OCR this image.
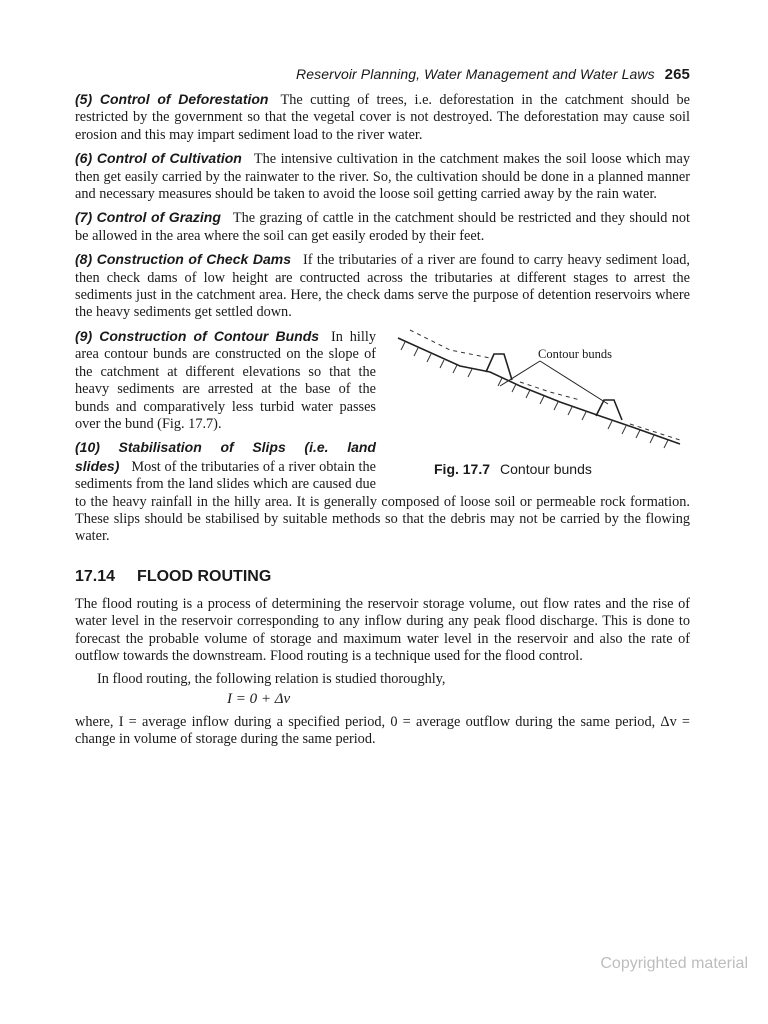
Reservoir Planning, Water Management and Water Laws 265

(5) Control of Deforestation The cutting of trees, i.e. deforestation in the catchment should be restricted by the government so that the vegetal cover is not destroyed. The deforestation may cause soil erosion and this may impart sediment load to the river water.

(6) Control of Cultivation The intensive cultivation in the catchment makes the soil loose which may then get easily carried by the rainwater to the river. So, the cultivation should be done in a planned manner and necessary measures should be taken to avoid the loose soil getting carried away by the rain water.

(7) Control of Grazing The grazing of cattle in the catchment should be restricted and they should not be allowed in the area where the soil can get easily eroded by their feet.

(8) Construction of Check Dams If the tributaries of a river are found to carry heavy sediment load, then check dams of low height are contructed across the tributaries at different stages to arrest the sediments just in the catchment area. Here, the check dams serve the purpose of detention reservoirs where the heavy sediments get settled down.

Contour bunds
Fig. 17.7 Contour bunds

(9) Construction of Contour Bunds In hilly area contour bunds are constructed on the slope of the catchment at different elevations so that the heavy sediments are arrested at the base of the bunds and comparatively less turbid water passes over the bund (Fig. 17.7).

(10) Stabilisation of Slips (i.e. land slides) Most of the tributaries of a river obtain the sediments from the land slides which are caused due to the heavy rainfall in the hilly area. It is generally composed of loose soil or permeable rock formation. These slips should be stabilised by suitable methods so that the debris may not be carried by the flowing water.

17.14 FLOOD ROUTING

The flood routing is a process of determining the reservoir storage volume, out flow rates and the rise of water level in the reservoir corresponding to any inflow during any peak flood discharge. This is done to forecast the probable volume of storage and maximum water level in the reservoir and also the rate of outflow towards the downstream. Flood routing is a technique used for the flood control.

In flood routing, the following relation is studied thoroughly,

I = 0 + Δv

where, I = average inflow during a specified period, 0 = average outflow during the same period, Δv = change in volume of storage during the same period.

Copyrighted material
